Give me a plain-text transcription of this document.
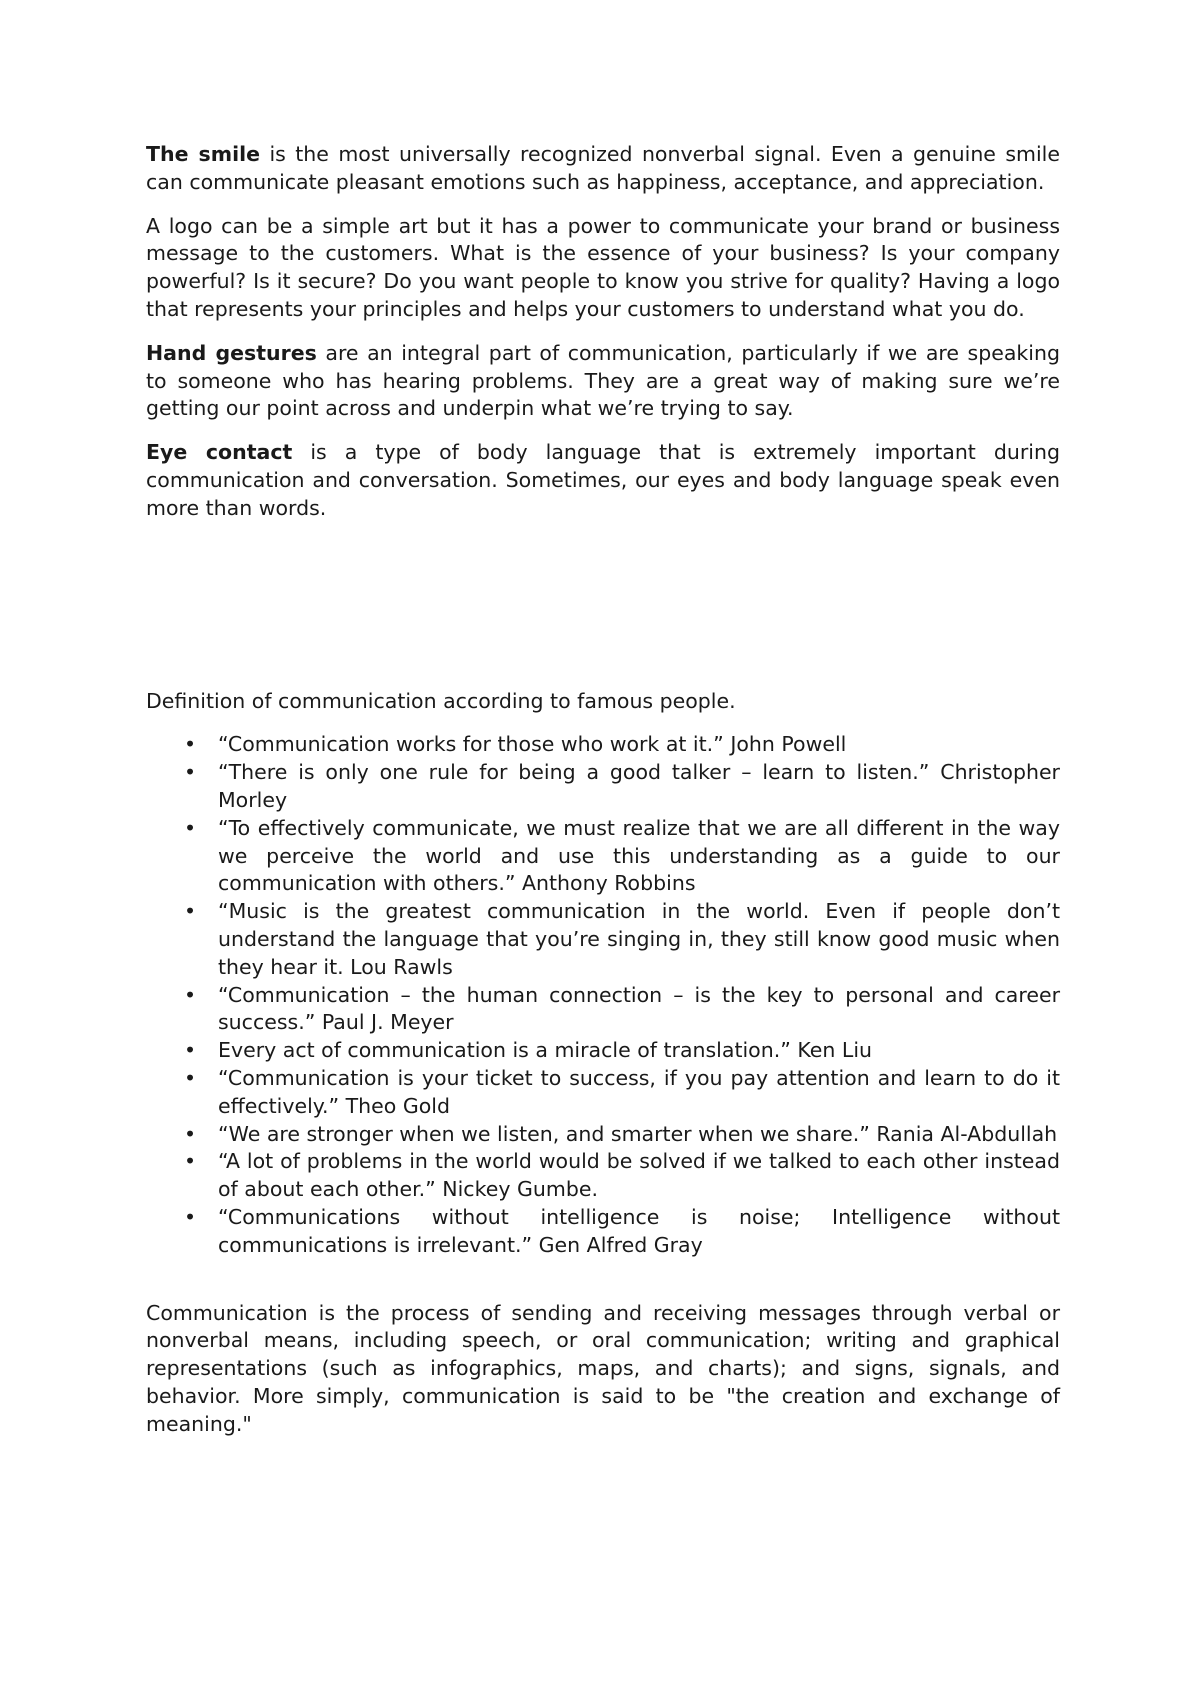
The smile is the most universally recognized nonverbal signal. Even a genuine smile can communicate pleasant emotions such as happiness, acceptance, and appreciation.

A logo can be a simple art but it has a power to communicate your brand or business message to the customers. What is the essence of your business? Is your company powerful? Is it secure? Do you want people to know you strive for quality? Having a logo that represents your principles and helps your customers to understand what you do.

Hand gestures are an integral part of communication, particularly if we are speaking to someone who has hearing problems. They are a great way of making sure we’re getting our point across and underpin what we’re trying to say.

Eye contact is a type of body language that is extremely important during communication and conversation. Sometimes, our eyes and body language speak even more than words.

Definition of communication according to famous people.

• “Communication works for those who work at it.” John Powell
• “There is only one rule for being a good talker – learn to listen.” Christopher Morley
• “To effectively communicate, we must realize that we are all different in the way we perceive the world and use this understanding as a guide to our communication with others.” Anthony Robbins
• “Music is the greatest communication in the world. Even if people don’t understand the language that you’re singing in, they still know good music when they hear it. Lou Rawls
• “Communication – the human connection – is the key to personal and career success.” Paul J. Meyer
• Every act of communication is a miracle of translation.” Ken Liu
• “Communication is your ticket to success, if you pay attention and learn to do it effectively.” Theo Gold
• “We are stronger when we listen, and smarter when we share.” Rania Al-Abdullah
• “A lot of problems in the world would be solved if we talked to each other instead of about each other.” Nickey Gumbe.
• “Communications without intelligence is noise; Intelligence without communications is irrelevant.” Gen Alfred Gray

Communication is the process of sending and receiving messages through verbal or nonverbal means, including speech, or oral communication; writing and graphical representations (such as infographics, maps, and charts); and signs, signals, and behavior. More simply, communication is said to be "the creation and exchange of meaning."
